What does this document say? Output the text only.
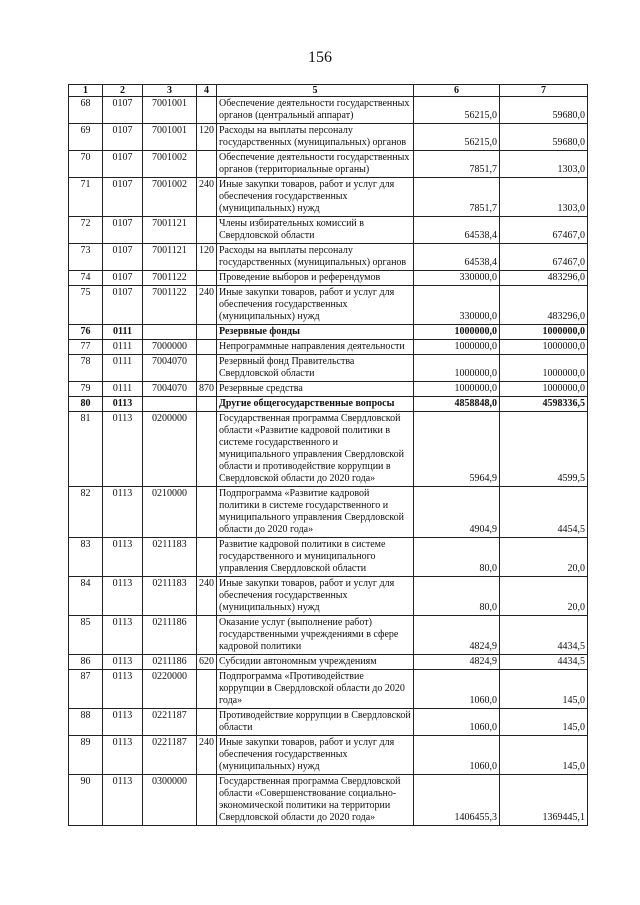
156
1	2	3	4	5	6	7
68	0107	7001001		Обеспечение деятельности государственных органов (центральный аппарат)	56215,0	59680,0
69	0107	7001001	120	Расходы на выплаты персоналу государственных (муниципальных) органов	56215,0	59680,0
70	0107	7001002		Обеспечение деятельности государственных органов (территориальные органы)	7851,7	1303,0
71	0107	7001002	240	Иные закупки товаров, работ и услуг для обеспечения государственных (муниципальных) нужд	7851,7	1303,0
72	0107	7001121		Члены избирательных комиссий в Свердловской области	64538,4	67467,0
73	0107	7001121	120	Расходы на выплаты персоналу государственных (муниципальных) органов	64538,4	67467,0
74	0107	7001122		Проведение выборов и референдумов	330000,0	483296,0
75	0107	7001122	240	Иные закупки товаров, работ и услуг для обеспечения государственных (муниципальных) нужд	330000,0	483296,0
76	0111			Резервные фонды	1000000,0	1000000,0
77	0111	7000000		Непрограммные направления деятельности	1000000,0	1000000,0
78	0111	7004070		Резервный фонд Правительства Свердловской области	1000000,0	1000000,0
79	0111	7004070	870	Резервные средства	1000000,0	1000000,0
80	0113			Другие общегосударственные вопросы	4858848,0	4598336,5
81	0113	0200000		Государственная программа Свердловской области «Развитие кадровой политики в системе государственного и муниципального управления Свердловской области и противодействие коррупции в Свердловской области до 2020 года»	5964,9	4599,5
82	0113	0210000		Подпрограмма «Развитие кадровой политики в системе государственного и муниципального управления Свердловской области до 2020 года»	4904,9	4454,5
83	0113	0211183		Развитие кадровой политики в системе государственного и муниципального управления Свердловской области	80,0	20,0
84	0113	0211183	240	Иные закупки товаров, работ и услуг для обеспечения государственных (муниципальных) нужд	80,0	20,0
85	0113	0211186		Оказание услуг (выполнение работ) государственными учреждениями в сфере кадровой политики	4824,9	4434,5
86	0113	0211186	620	Субсидии автономным учреждениям	4824,9	4434,5
87	0113	0220000		Подпрограмма «Противодействие коррупции в Свердловской области до 2020 года»	1060,0	145,0
88	0113	0221187		Противодействие коррупции в Свердловской области	1060,0	145,0
89	0113	0221187	240	Иные закупки товаров, работ и услуг для обеспечения государственных (муниципальных) нужд	1060,0	145,0
90	0113	0300000		Государственная программа Свердловской области «Совершенствование социально-экономической политики на территории Свердловской области до 2020 года»	1406455,3	1369445,1
